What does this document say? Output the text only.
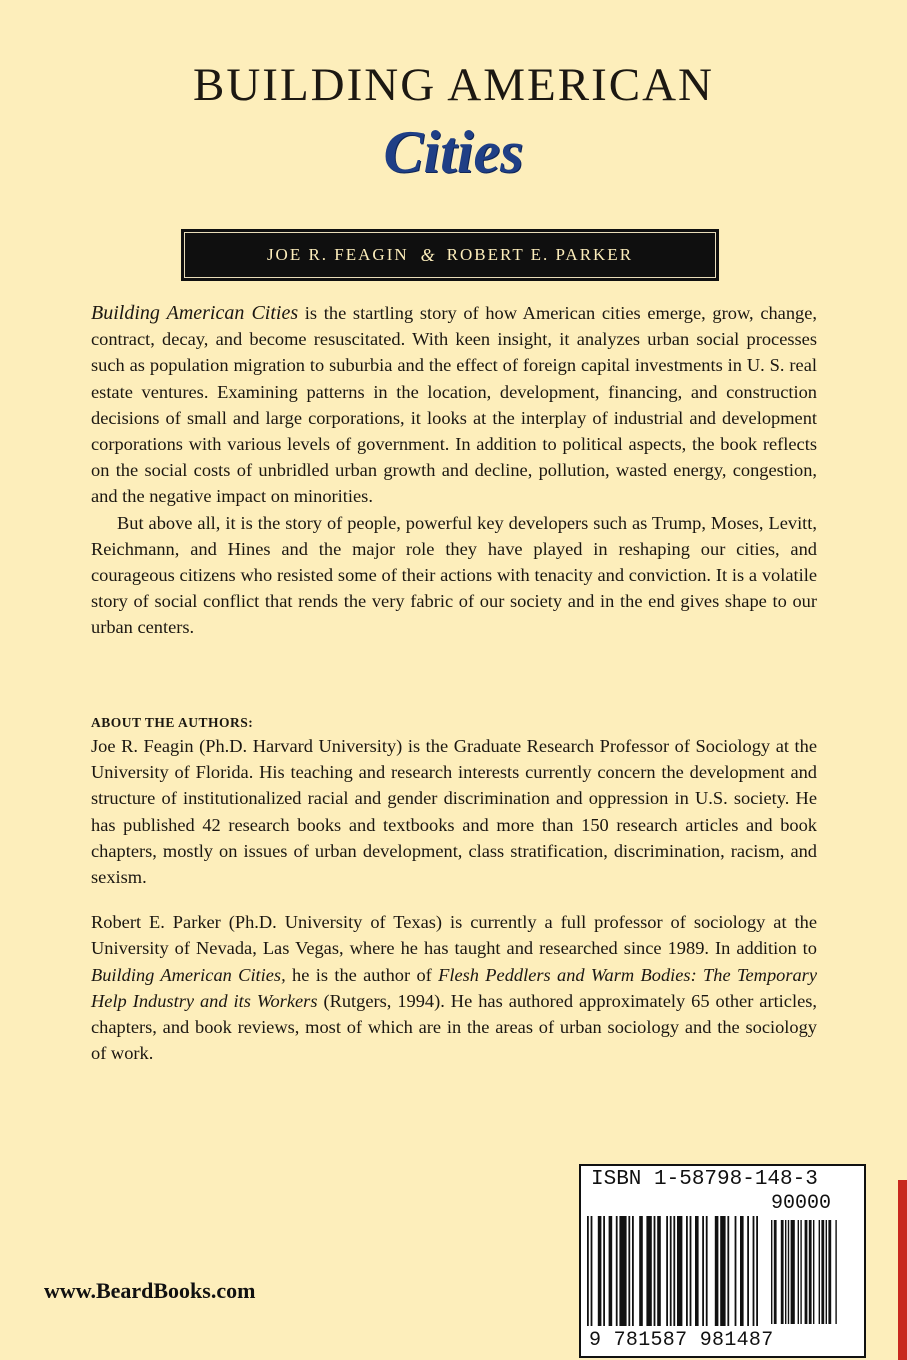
BUILDING AMERICAN
Cities
JOE R. FEAGIN & ROBERT E. PARKER

Building American Cities is the startling story of how American cities emerge, grow, change, contract, decay, and become resuscitated. With keen insight, it analyzes urban social processes such as population migration to suburbia and the effect of foreign capital investments in U. S. real estate ventures. Examining patterns in the location, development, financing, and construction decisions of small and large corporations, it looks at the interplay of industrial and development corporations with various levels of government. In addition to political aspects, the book reflects on the social costs of unbridled urban growth and decline, pollution, wasted energy, congestion, and the negative impact on minorities.

But above all, it is the story of people, powerful key developers such as Trump, Moses, Levitt, Reichmann, and Hines and the major role they have played in reshaping our cities, and courageous citizens who resisted some of their actions with tenacity and conviction. It is a volatile story of social conflict that rends the very fabric of our society and in the end gives shape to our urban centers.

ABOUT THE AUTHORS:

Joe R. Feagin (Ph.D. Harvard University) is the Graduate Research Professor of Sociology at the University of Florida. His teaching and research interests currently concern the development and structure of institutionalized racial and gender discrimination and oppression in U.S. society. He has published 42 research books and textbooks and more than 150 research articles and book chapters, mostly on issues of urban development, class stratification, discrimination, racism, and sexism.

Robert E. Parker (Ph.D. University of Texas) is currently a full professor of sociology at the University of Nevada, Las Vegas, where he has taught and researched since 1989. In addition to Building American Cities, he is the author of Flesh Peddlers and Warm Bodies: The Temporary Help Industry and its Workers (Rutgers, 1994). He has authored approximately 65 other articles, chapters, and book reviews, most of which are in the areas of urban sociology and the sociology of work.

www.BeardBooks.com
ISBN 1-58798-148-3
90000
9 781587 981487
